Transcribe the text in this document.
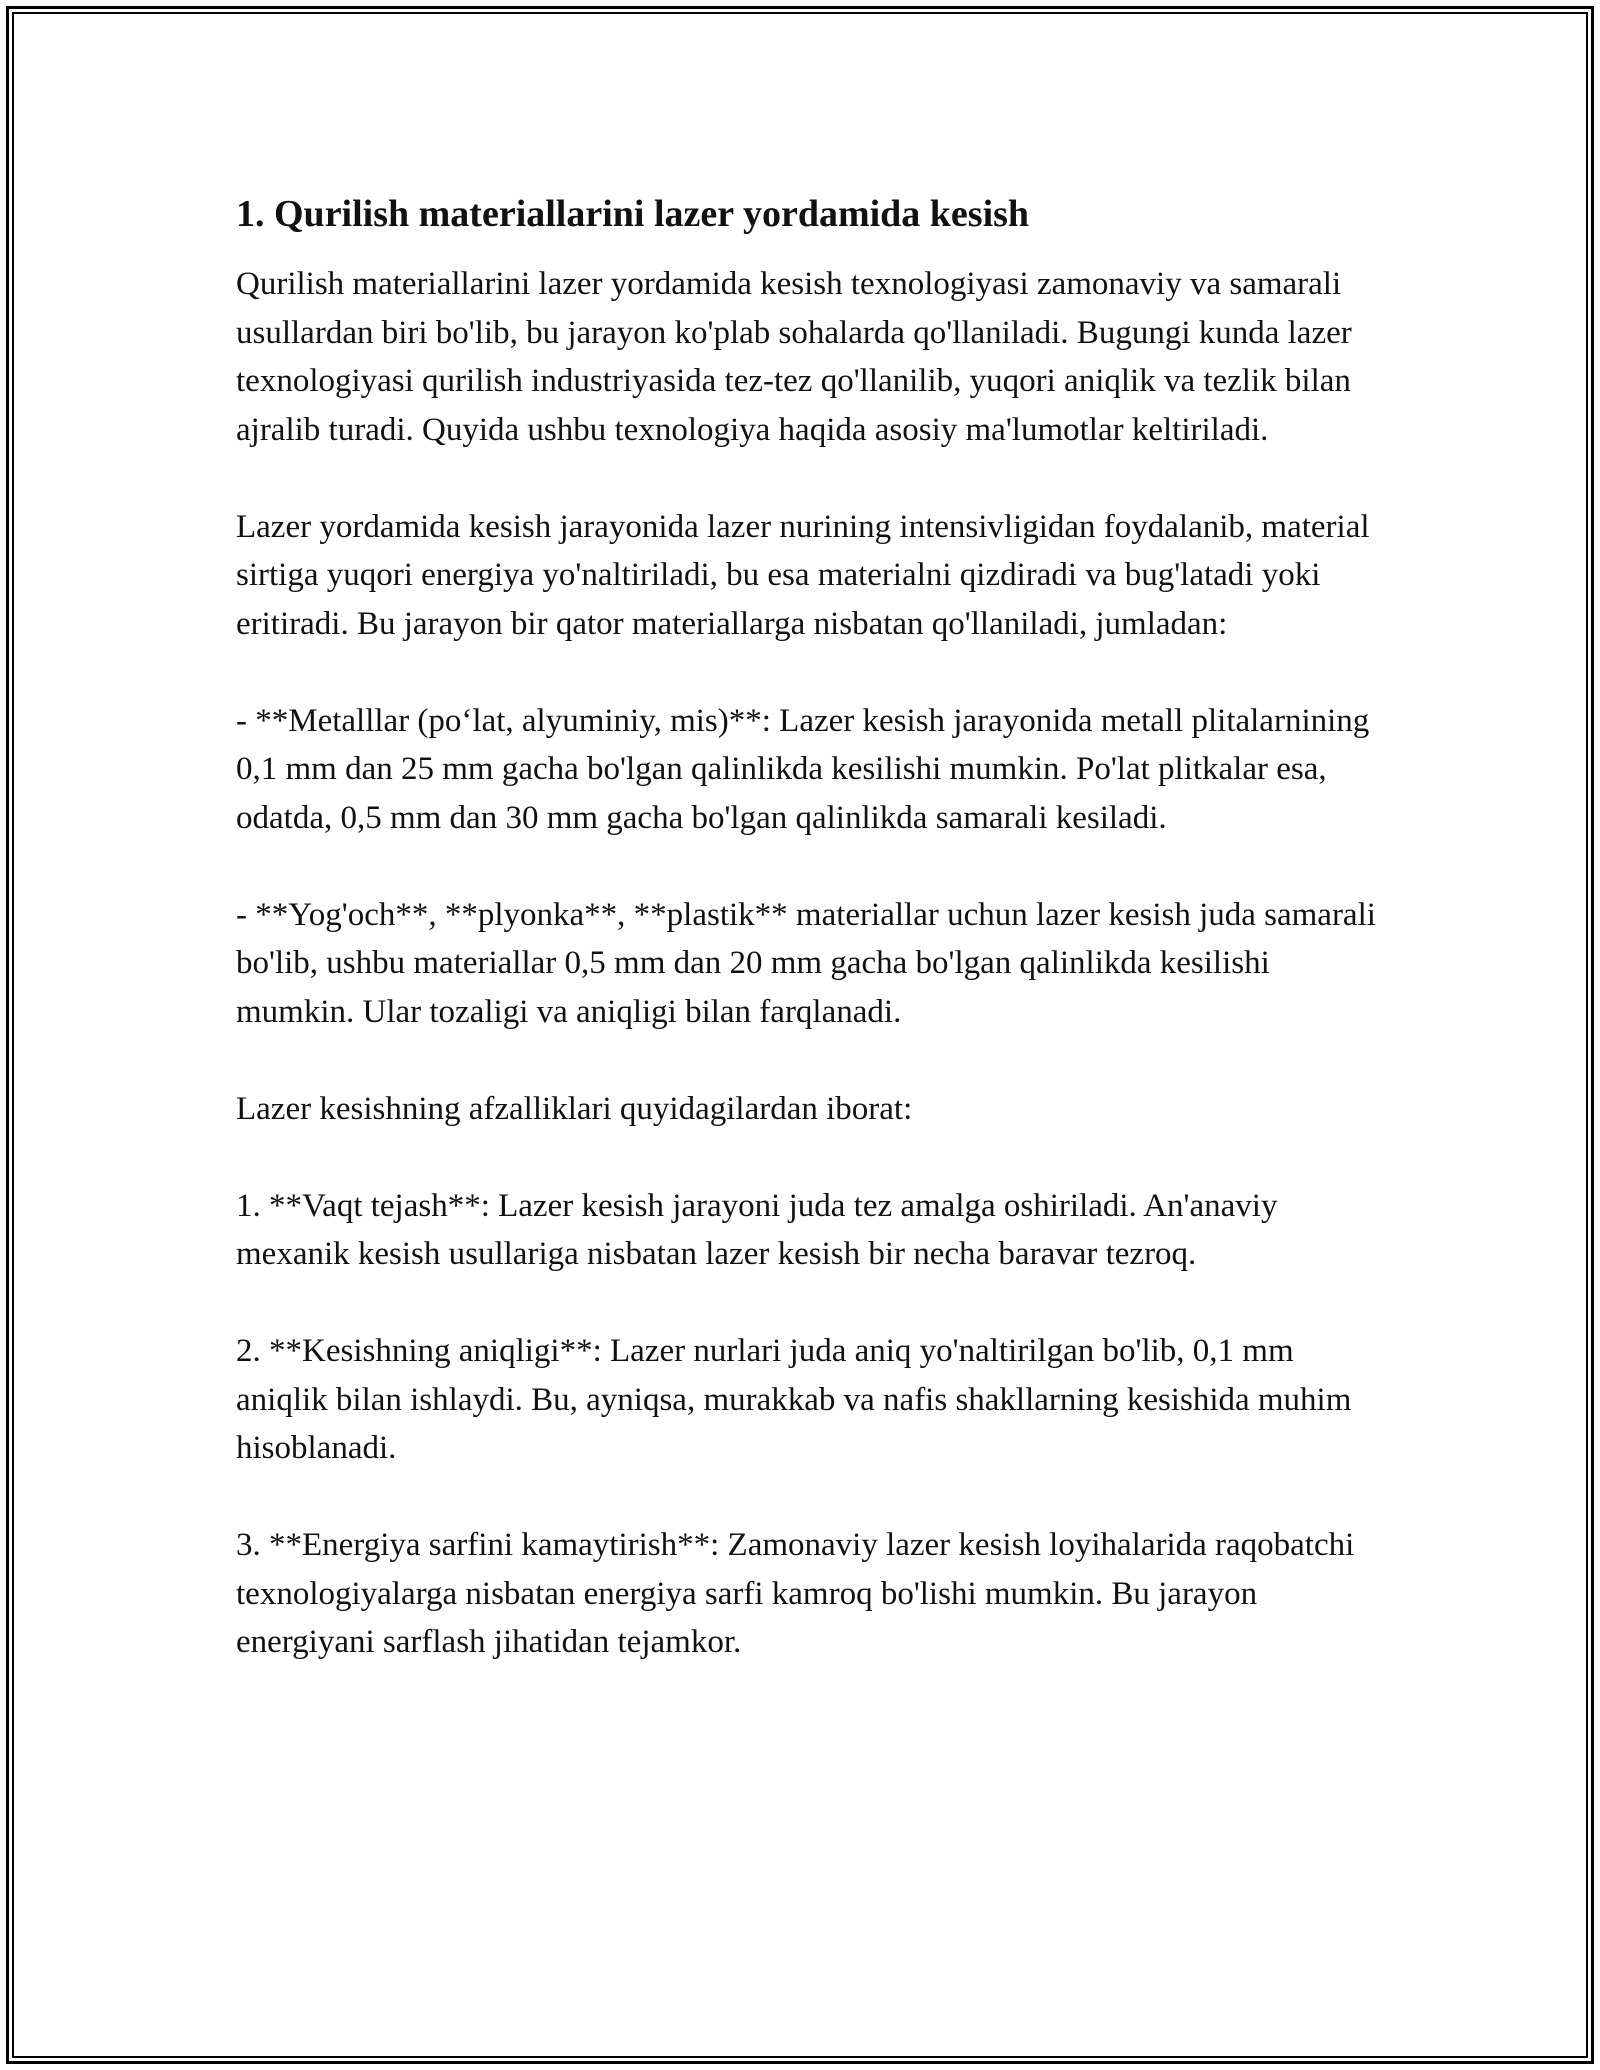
1. Qurilish materiallarini lazer yordamida kesish

Qurilish materiallarini lazer yordamida kesish texnologiyasi zamonaviy va samarali usullardan biri bo'lib, bu jarayon ko'plab sohalarda qo'llaniladi. Bugungi kunda lazer texnologiyasi qurilish industriyasida tez-tez qo'llanilib, yuqori aniqlik va tezlik bilan ajralib turadi. Quyida ushbu texnologiya haqida asosiy ma'lumotlar keltiriladi.

Lazer yordamida kesish jarayonida lazer nurining intensivligidan foydalanib, material sirtiga yuqori energiya yo'naltiriladi, bu esa materialni qizdiradi va bug'latadi yoki eritiradi. Bu jarayon bir qator materiallarga nisbatan qo'llaniladi, jumladan:

- **Metalllar (po‘lat, alyuminiy, mis)**: Lazer kesish jarayonida metall plitalarnining 0,1 mm dan 25 mm gacha bo'lgan qalinlikda kesilishi mumkin. Po'lat plitkalar esa, odatda, 0,5 mm dan 30 mm gacha bo'lgan qalinlikda samarali kesiladi.

- **Yog'och**, **plyonka**, **plastik** materiallar uchun lazer kesish juda samarali bo'lib, ushbu materiallar 0,5 mm dan 20 mm gacha bo'lgan qalinlikda kesilishi mumkin. Ular tozaligi va aniqligi bilan farqlanadi.

Lazer kesishning afzalliklari quyidagilardan iborat:

1. **Vaqt tejash**: Lazer kesish jarayoni juda tez amalga oshiriladi. An'anaviy mexanik kesish usullariga nisbatan lazer kesish bir necha baravar tezroq.

2. **Kesishning aniqligi**: Lazer nurlari juda aniq yo'naltirilgan bo'lib, 0,1 mm aniqlik bilan ishlaydi. Bu, ayniqsa, murakkab va nafis shakllarning kesishida muhim hisoblanadi.

3. **Energiya sarfini kamaytirish**: Zamonaviy lazer kesish loyihalarida raqobatchi texnologiyalarga nisbatan energiya sarfi kamroq bo'lishi mumkin. Bu jarayon energiyani sarflash jihatidan tejamkor.
